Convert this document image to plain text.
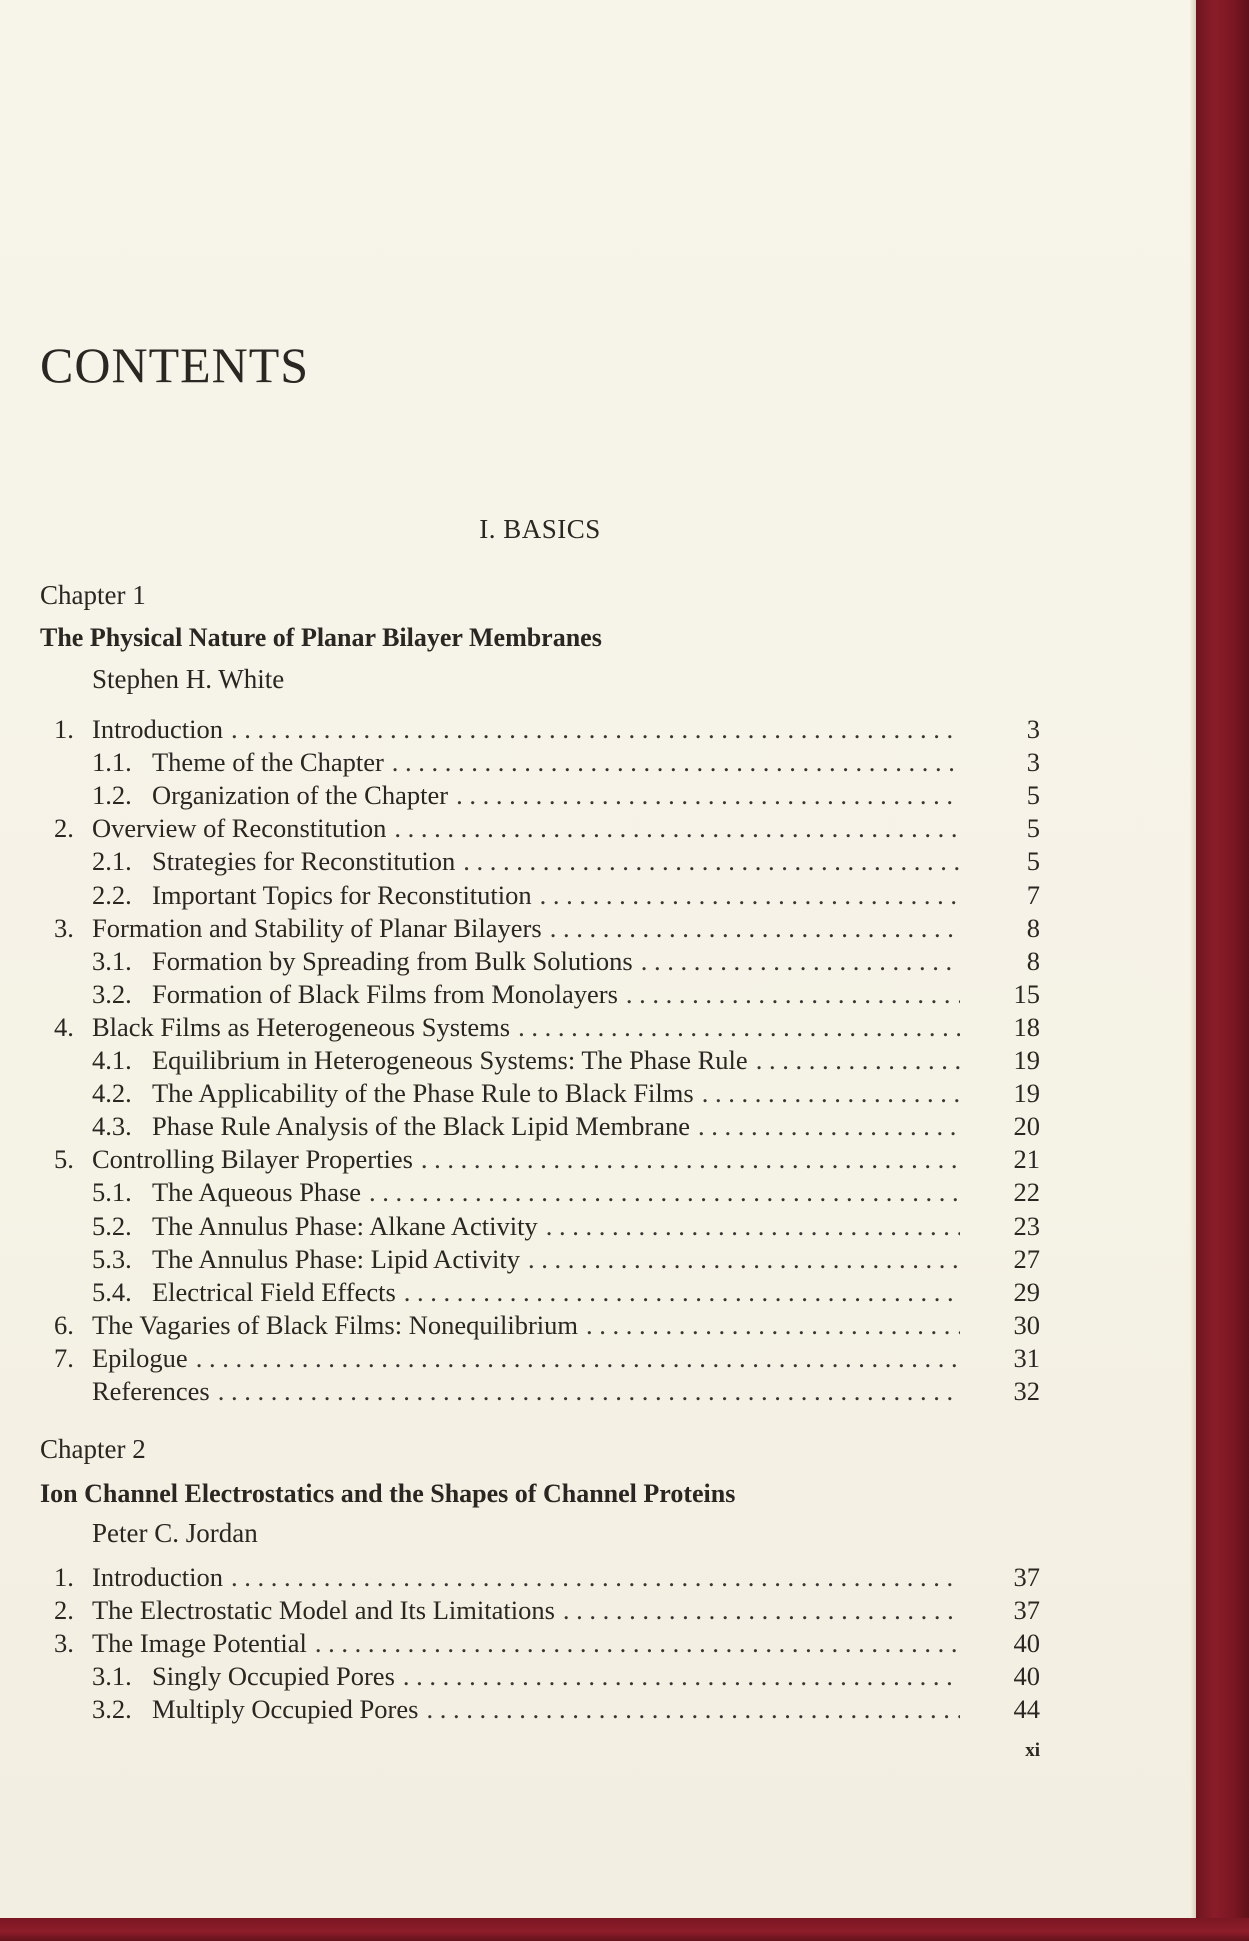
CONTENTS
I. BASICS
Chapter 1
The Physical Nature of Planar Bilayer Membranes
Stephen H. White
1. Introduction . . .	3
1.1. Theme of the Chapter . . .	3
1.2. Organization of the Chapter . . .	5
2. Overview of Reconstitution . . .	5
2.1. Strategies for Reconstitution . . .	5
2.2. Important Topics for Reconstitution . . .	7
3. Formation and Stability of Planar Bilayers . . .	8
3.1. Formation by Spreading from Bulk Solutions . . .	8
3.2. Formation of Black Films from Monolayers . . .	15
4. Black Films as Heterogeneous Systems . . .	18
4.1. Equilibrium in Heterogeneous Systems: The Phase Rule . . .	19
4.2. The Applicability of the Phase Rule to Black Films . . .	19
4.3. Phase Rule Analysis of the Black Lipid Membrane . . .	20
5. Controlling Bilayer Properties . . .	21
5.1. The Aqueous Phase . . .	22
5.2. The Annulus Phase: Alkane Activity . . .	23
5.3. The Annulus Phase: Lipid Activity . . .	27
5.4. Electrical Field Effects . . .	29
6. The Vagaries of Black Films: Nonequilibrium . . .	30
7. Epilogue . . .	31
References . . .	32
Chapter 2
Ion Channel Electrostatics and the Shapes of Channel Proteins
Peter C. Jordan
1. Introduction . . .	37
2. The Electrostatic Model and Its Limitations . . .	37
3. The Image Potential . . .	40
3.1. Singly Occupied Pores . . .	40
3.2. Multiply Occupied Pores . . .	44
xi
